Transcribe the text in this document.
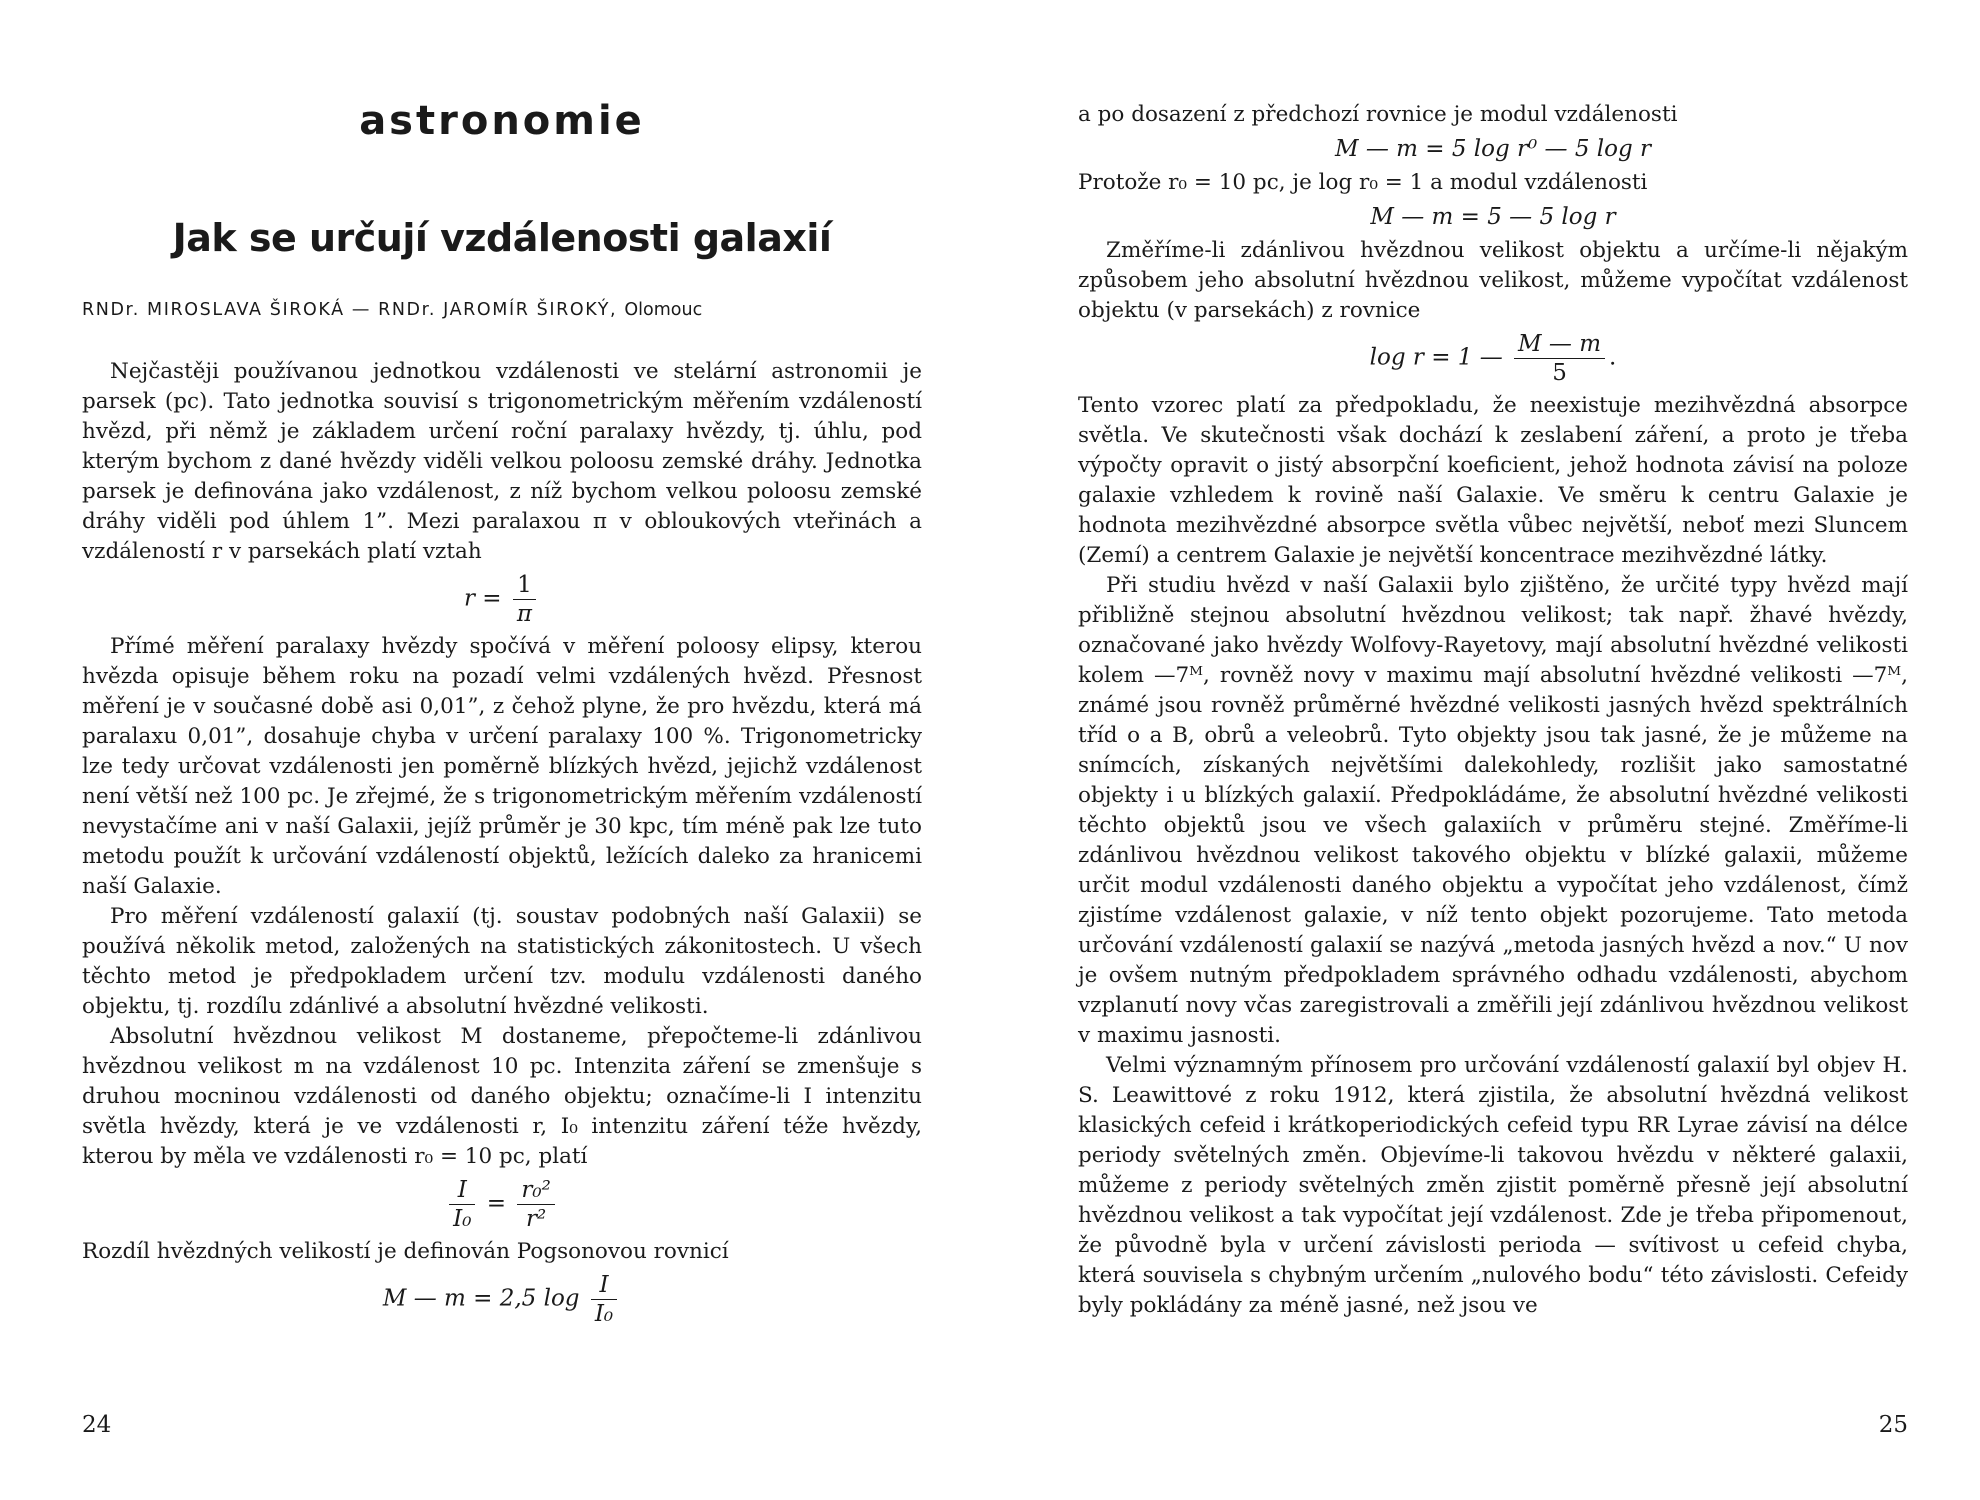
astronomie
Jak se určují vzdálenosti galaxií
RNDr. MIROSLAVA ŠIROKÁ — RNDr. JAROMÍR ŠIROKÝ, Olomouc

Nejčastěji používanou jednotkou vzdálenosti ve stelární astronomii je parsek (pc). Tato jednotka souvisí s trigonometrickým měřením vzdáleností hvězd, při němž je základem určení roční paralaxy hvězdy, tj. úhlu, pod kterým bychom z dané hvězdy viděli velkou poloosu zemské dráhy. Jednotka parsek je definována jako vzdálenost, z níž bychom velkou poloosu zemské dráhy viděli pod úhlem 1”. Mezi paralaxou π v obloukových vteřinách a vzdáleností r v parsekách platí vztah

$r = \frac{1}{\pi}$

Přímé měření paralaxy hvězdy spočívá v měření poloosy elipsy, kterou hvězda opisuje během roku na pozadí velmi vzdálených hvězd. Přesnost měření je v současné době asi 0,01”, z čehož plyne, že pro hvězdu, která má paralaxu 0,01”, dosahuje chyba v určení paralaxy 100 %. Trigonometricky lze tedy určovat vzdálenosti jen poměrně blízkých hvězd, jejichž vzdálenost není větší než 100 pc. Je zřejmé, že s trigonometrickým měřením vzdáleností nevystačíme ani v naší Galaxii, jejíž průměr je 30 kpc, tím méně pak lze tuto metodu použít k určování vzdáleností objektů, ležících daleko za hranicemi naší Galaxie.

Pro měření vzdáleností galaxií (tj. soustav podobných naší Galaxii) se používá několik metod, založených na statistických zákonitostech. U všech těchto metod je předpokladem určení tzv. modulu vzdálenosti daného objektu, tj. rozdílu zdánlivé a absolutní hvězdné velikosti.

Absolutní hvězdnou velikost M dostaneme, přepočteme-li zdánlivou hvězdnou velikost m na vzdálenost 10 pc. Intenzita záření se zmenšuje s druhou mocninou vzdálenosti od daného objektu; označíme-li I intenzitu světla hvězdy, která je ve vzdálenosti r, I₀ intenzitu záření téže hvězdy, kterou by měla ve vzdálenosti r₀ = 10 pc, platí

$\frac{I}{\text{I₀}} = \frac{\text{r₀²}}{\text{r²}}$

Rozdíl hvězdných velikostí je definován Pogsonovou rovnicí

M — m = 2,5 $\log \frac{I}{\text{I₀}}$
24

a po dosazení z předchozí rovnice je modul vzdálenosti

M — m = 5 log r⁰ — 5 log r

Protože r₀ = 10 pc, je log r₀ = 1 a modul vzdálenosti

M — m = 5 — 5 log r

Změříme-li zdánlivou hvězdnou velikost objektu a určíme-li nějakým způsobem jeho absolutní hvězdnou velikost, můžeme vypočítat vzdálenost objektu (v parsekách) z rovnice

log r = 1 — $\frac{M — m}{5}$ .

Tento vzorec platí za předpokladu, že neexistuje mezihvězdná absorpce světla. Ve skutečnosti však dochází k zeslabení záření, a proto je třeba výpočty opravit o jistý absorpční koeficient, jehož hodnota závisí na poloze galaxie vzhledem k rovině naší Galaxie. Ve směru k centru Galaxie je hodnota mezihvězdné absorpce světla vůbec největší, neboť mezi Sluncem (Zemí) a centrem Galaxie je největší koncentrace mezihvězdné látky.

Při studiu hvězd v naší Galaxii bylo zjištěno, že určité typy hvězd mají přibližně stejnou absolutní hvězdnou velikost; tak např. žhavé hvězdy, označované jako hvězdy Wolfovy-Rayetovy, mají absolutní hvězdné velikosti kolem —7ᴹ, rovněž novy v maximu mají absolutní hvězdné velikosti —7ᴹ, známé jsou rovněž průměrné hvězdné velikosti jasných hvězd spektrálních tříd o a B, obrů a veleobrů. Tyto objekty jsou tak jasné, že je můžeme na snímcích, získaných největšími dalekohledy, rozlišit jako samostatné objekty i u blízkých galaxií. Předpokládáme, že absolutní hvězdné velikosti těchto objektů jsou ve všech galaxiích v průměru stejné. Změříme-li zdánlivou hvězdnou velikost takového objektu v blízké galaxii, můžeme určit modul vzdálenosti daného objektu a vypočítat jeho vzdálenost, čímž zjistíme vzdálenost galaxie, v níž tento objekt pozorujeme. Tato metoda určování vzdáleností galaxií se nazývá „metoda jasných hvězd a nov.“ U nov je ovšem nutným předpokladem správného odhadu vzdálenosti, abychom vzplanutí novy včas zaregistrovali a změřili její zdánlivou hvězdnou velikost v maximu jasnosti.

Velmi významným přínosem pro určování vzdáleností galaxií byl objev H. S. Leawittové z roku 1912, která zjistila, že absolutní hvězdná velikost klasických cefeid i krátkoperiodických cefeid typu RR Lyrae závisí na délce periody světelných změn. Objevíme-li takovou hvězdu v některé galaxii, můžeme z periody světelných změn zjistit poměrně přesně její absolutní hvězdnou velikost a tak vypočítat její vzdálenost. Zde je třeba připomenout, že původně byla v určení závislosti perioda — svítivost u cefeid chyba, která souvisela s chybným určením „nulového bodu“ této závislosti. Cefeidy byly pokládány za méně jasné, než jsou ve

25
